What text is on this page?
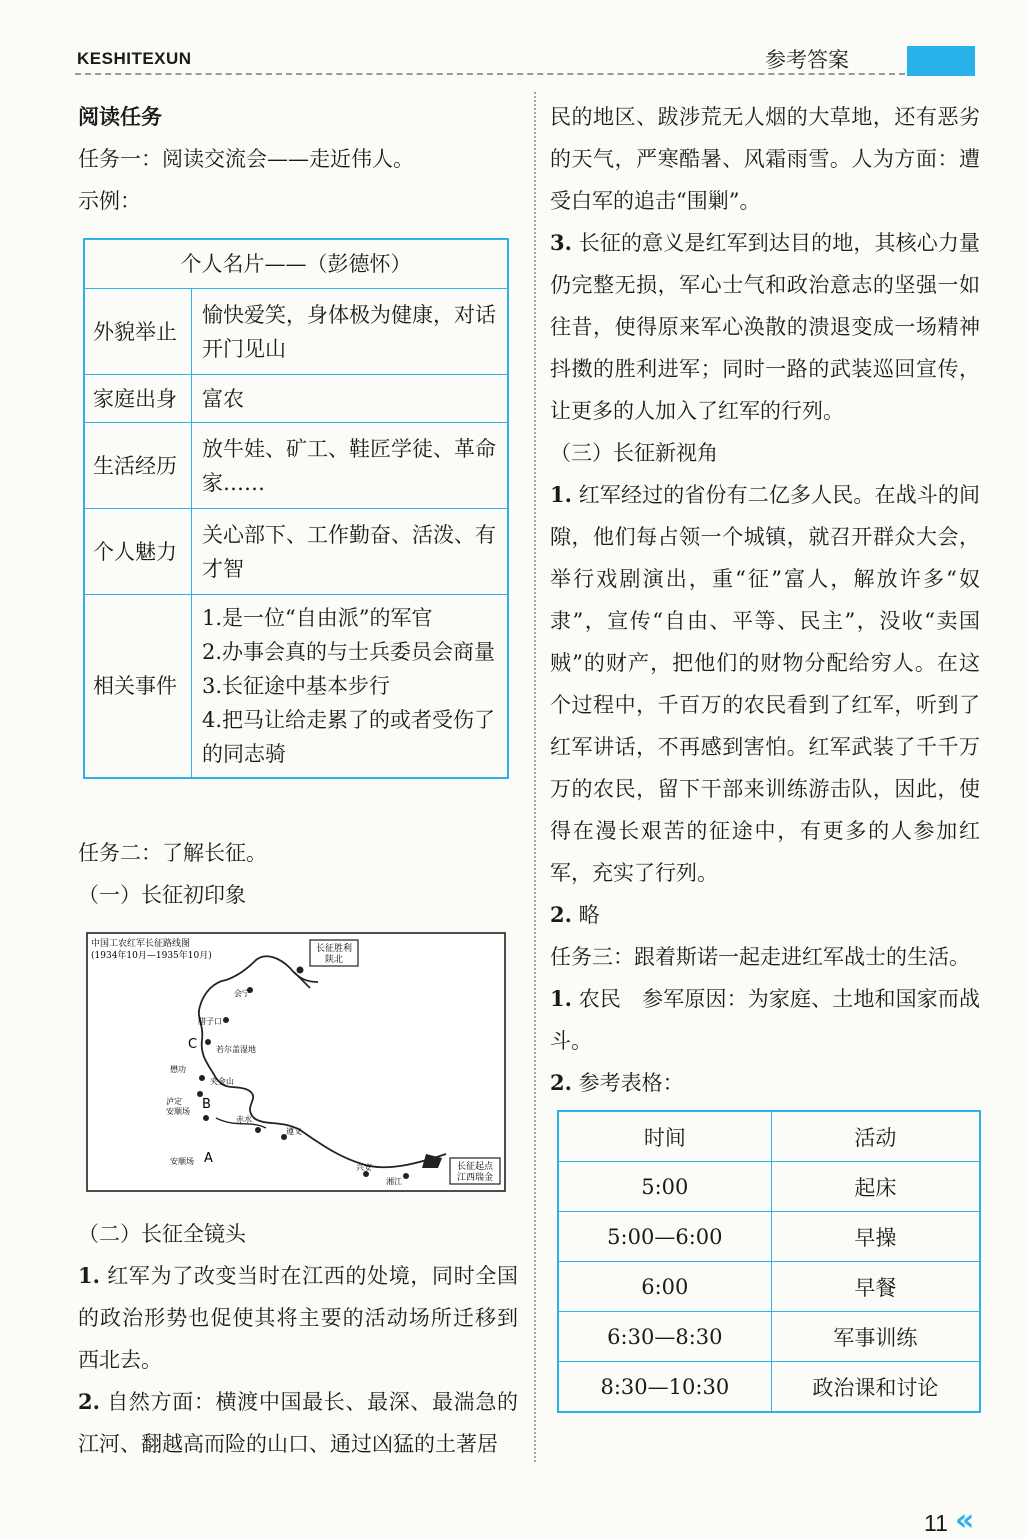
KESHITEXUN	参考答案

阅读任务

任务一：阅读交流会——走近伟人。

示例：

个人名片——（彭德怀）	
外貌举止	愉快爱笑，身体极为健康，对话开门见山
家庭出身	富农
生活经历	放牛娃、矿工、鞋匠学徒、革命家……
个人魅力	关心部下、工作勤奋、活泼、有才智
相关事件	1.是一位“自由派”的军官
2.办事会真的与士兵委员会商量
3.长征途中基本步行
4.把马让给走累了的或者受伤了的同志骑

任务二：了解长征。

（一）长征初印象

中国工农红军长征路线图
(1934年10月—1935年10月)
长征胜利
陕北
会宁
腊子口
若尔盖湿地
懋功
夹金山
泸定
安顺场
安顺场
赤水
遵义
兴安
湘江
A
B
C
长征起点
江西瑞金

（二）长征全镜头

1. 红军为了改变当时在江西的处境，同时全国的政治形势也促使其将主要的活动场所迁移到西北去。

2. 自然方面：横渡中国最长、最深、最湍急的江河、翻越高而险的山口、通过凶猛的土著居

民的地区、跋涉荒无人烟的大草地，还有恶劣的天气，严寒酷暑、风霜雨雪。人为方面：遭受白军的追击“围剿”。

3. 长征的意义是红军到达目的地，其核心力量仍完整无损，军心士气和政治意志的坚强一如往昔，使得原来军心涣散的溃退变成一场精神抖擞的胜利进军；同时一路的武装巡回宣传，让更多的人加入了红军的行列。

（三）长征新视角

1. 红军经过的省份有二亿多人民。在战斗的间隙，他们每占领一个城镇，就召开群众大会，举行戏剧演出，重“征”富人，解放许多“奴隶”，宣传“自由、平等、民主”，没收“卖国贼”的财产，把他们的财物分配给穷人。在这个过程中，千百万的农民看到了红军，听到了红军讲话，不再感到害怕。红军武装了千千万万的农民，留下干部来训练游击队，因此，使得在漫长艰苦的征途中，有更多的人参加红军，充实了行列。

2. 略

任务三：跟着斯诺一起走进红军战士的生活。

1. 农民　参军原因：为家庭、土地和国家而战斗。

2. 参考表格：

时间	活动
5:00	起床
5:00—6:00	早操
6:00	早餐
6:30—8:30	军事训练
8:30—10:30	政治课和讨论
11 «
